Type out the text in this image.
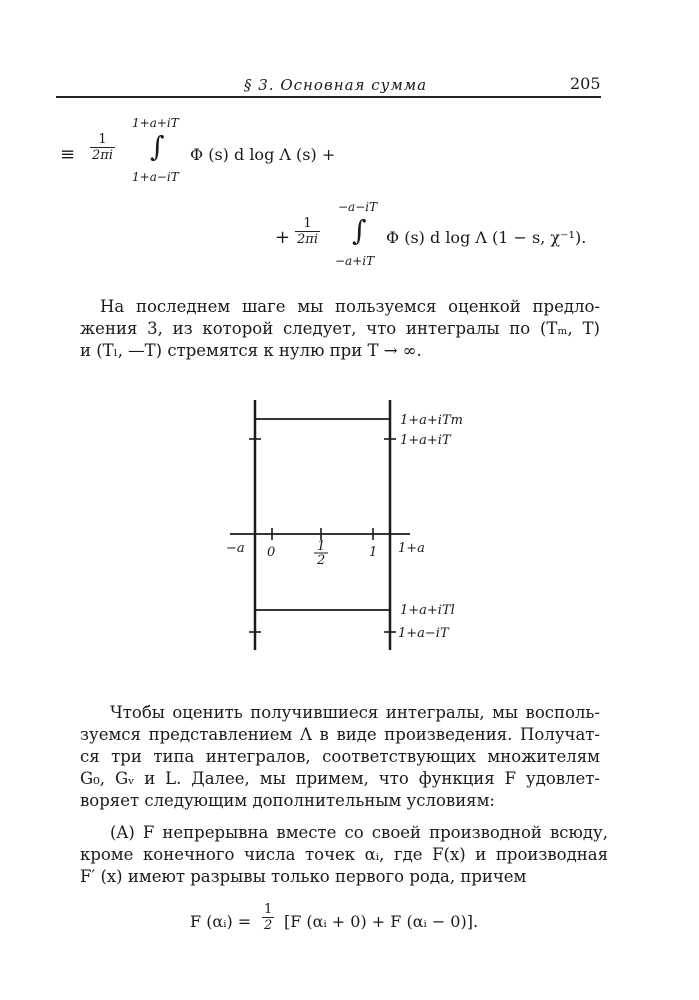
§ 3. Основная сумма	205
≡ $\frac{1}{2\pi i}$
1+a+iT
∫
1+a−iT
Φ (s) d log Λ (s) +
+ $\frac{1}{2\pi i}$
−a−iT
∫
−a+iT
Φ (s) d log Λ (1 − s, χ⁻¹).

На последнем шаге мы пользуемся оценкой предло-

жения 3, из которой следует, что интегралы по (Tₘ, T)

и (Tₗ, —T) стремятся к нулю при T → ∞.

1+a+iTm
1+a+iT
−a 0	1
2
1 1+a
1+a+iTl
1+a−iT

Чтобы оценить получившиеся интегралы, мы восполь-

зуемся представлением Λ в виде произведения. Получат-

ся три типа интегралов, соответствующих множителям

G₀, Gᵥ и L. Далее, мы примем, что функция F удовлет-

воряет следующим дополнительным условиям:

(A) F непрерывна вместе со своей производной всюду,

кроме конечного числа точек αᵢ, где F(x) и производная

F′ (x) имеют разрывы только первого рода, причем

F (αᵢ) = $\frac{1}{2} [F$ (αᵢ + 0) + F (αᵢ − 0)].
